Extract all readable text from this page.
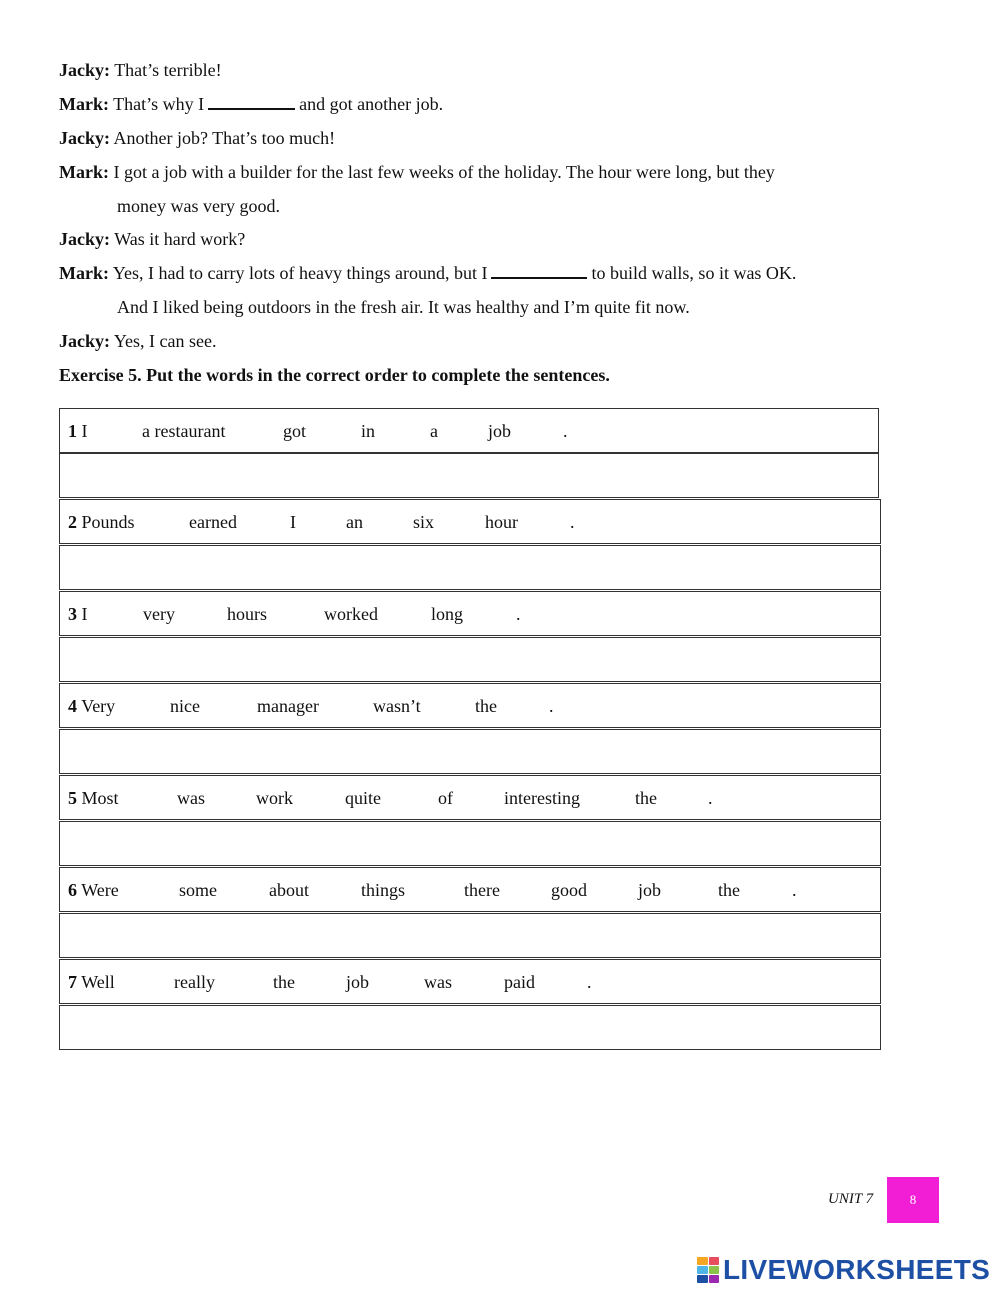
Jacky: That’s terrible!
Mark: That’s why I	and got another job.
Jacky: Another job? That’s too much!
Mark: I got a job with a builder for the last few weeks of the holiday. The hour were long, but they
money was very good.
Jacky: Was it hard work?
Mark: Yes, I had to carry lots of heavy things around, but I	to build walls, so it was OK.
And I liked being outdoors in the fresh air. It was healthy and I’m quite fit now.
Jacky: Yes, I can see.
Exercise 5. Put the words in the correct order to complete the sentences.
1 I	a restaurant	got	in	a	job	.
2 Pounds	earned	I	an	six	hour	.
3 I	very	hours	worked	long	.
4 Very	nice	manager	wasn’t	the	.
5 Most	was	work	quite	of	interesting	the	.
6 Were	some	about	things	there	good	job	the	.
7 Well	really	the	job	was	paid	.
UNIT 7	8
LIVEWORKSHEETS
